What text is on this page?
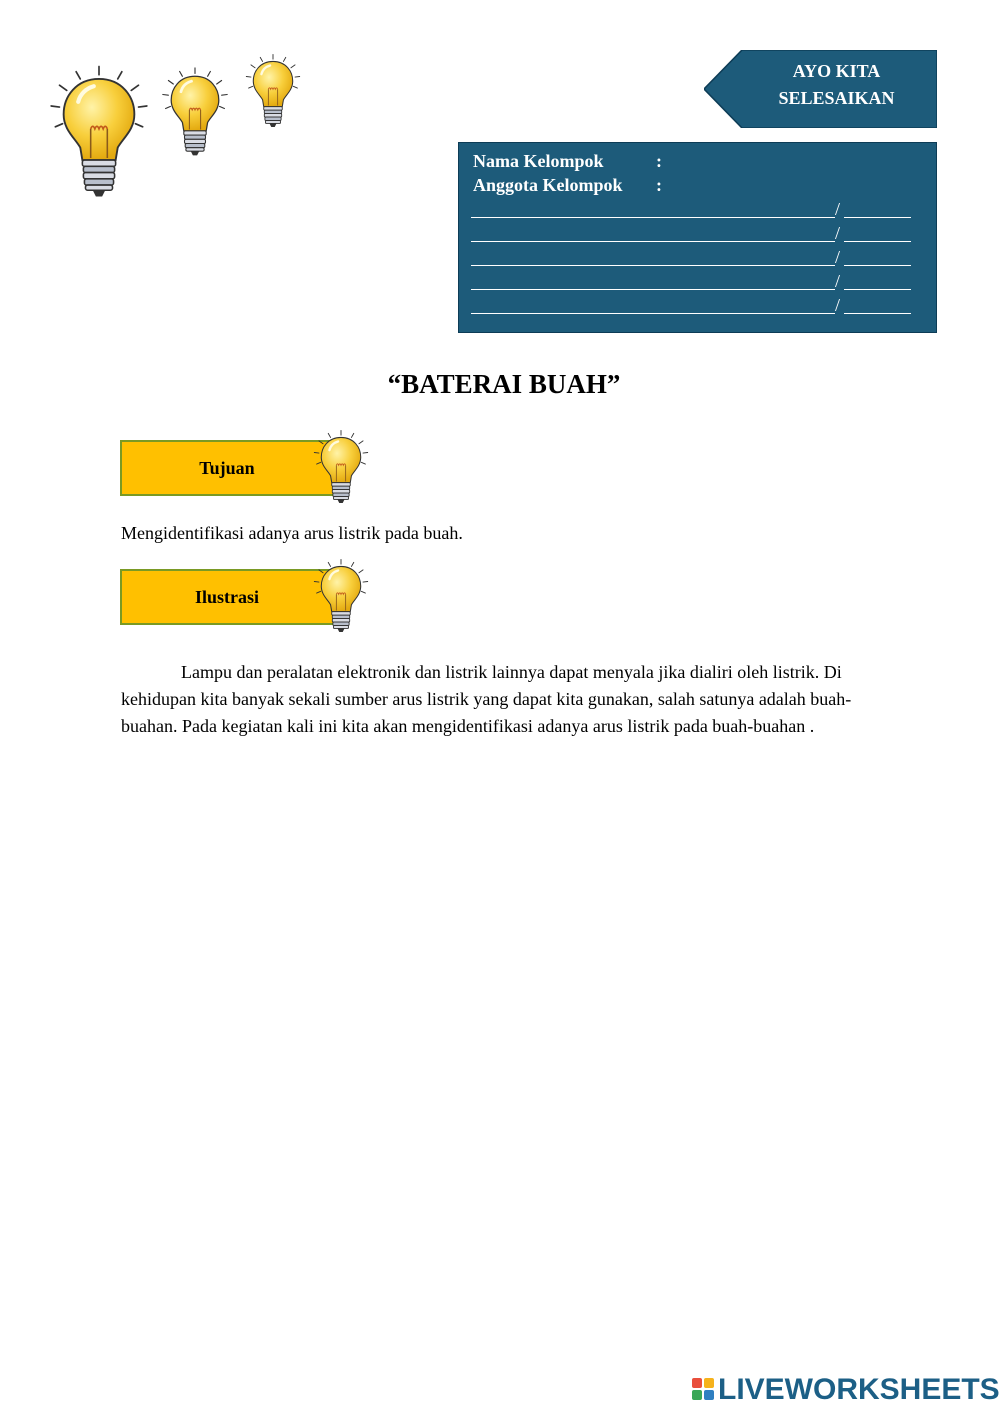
AYO KITA
SELESAIKAN
Nama Kelompok	:
Anggota Kelompok :
/
/
/
/
/
“BATERAI BUAH”
Tujuan
Mengidentifikasi adanya arus listrik pada buah.
Ilustrasi
Lampu dan peralatan elektronik dan listrik lainnya dapat menyala jika dialiri oleh listrik. Di kehidupan kita banyak sekali sumber arus listrik yang dapat kita gunakan, salah satunya adalah buah-buahan. Pada kegiatan kali ini kita akan mengidentifikasi adanya arus listrik pada buah-buahan .
LIVEWORKSHEETS
